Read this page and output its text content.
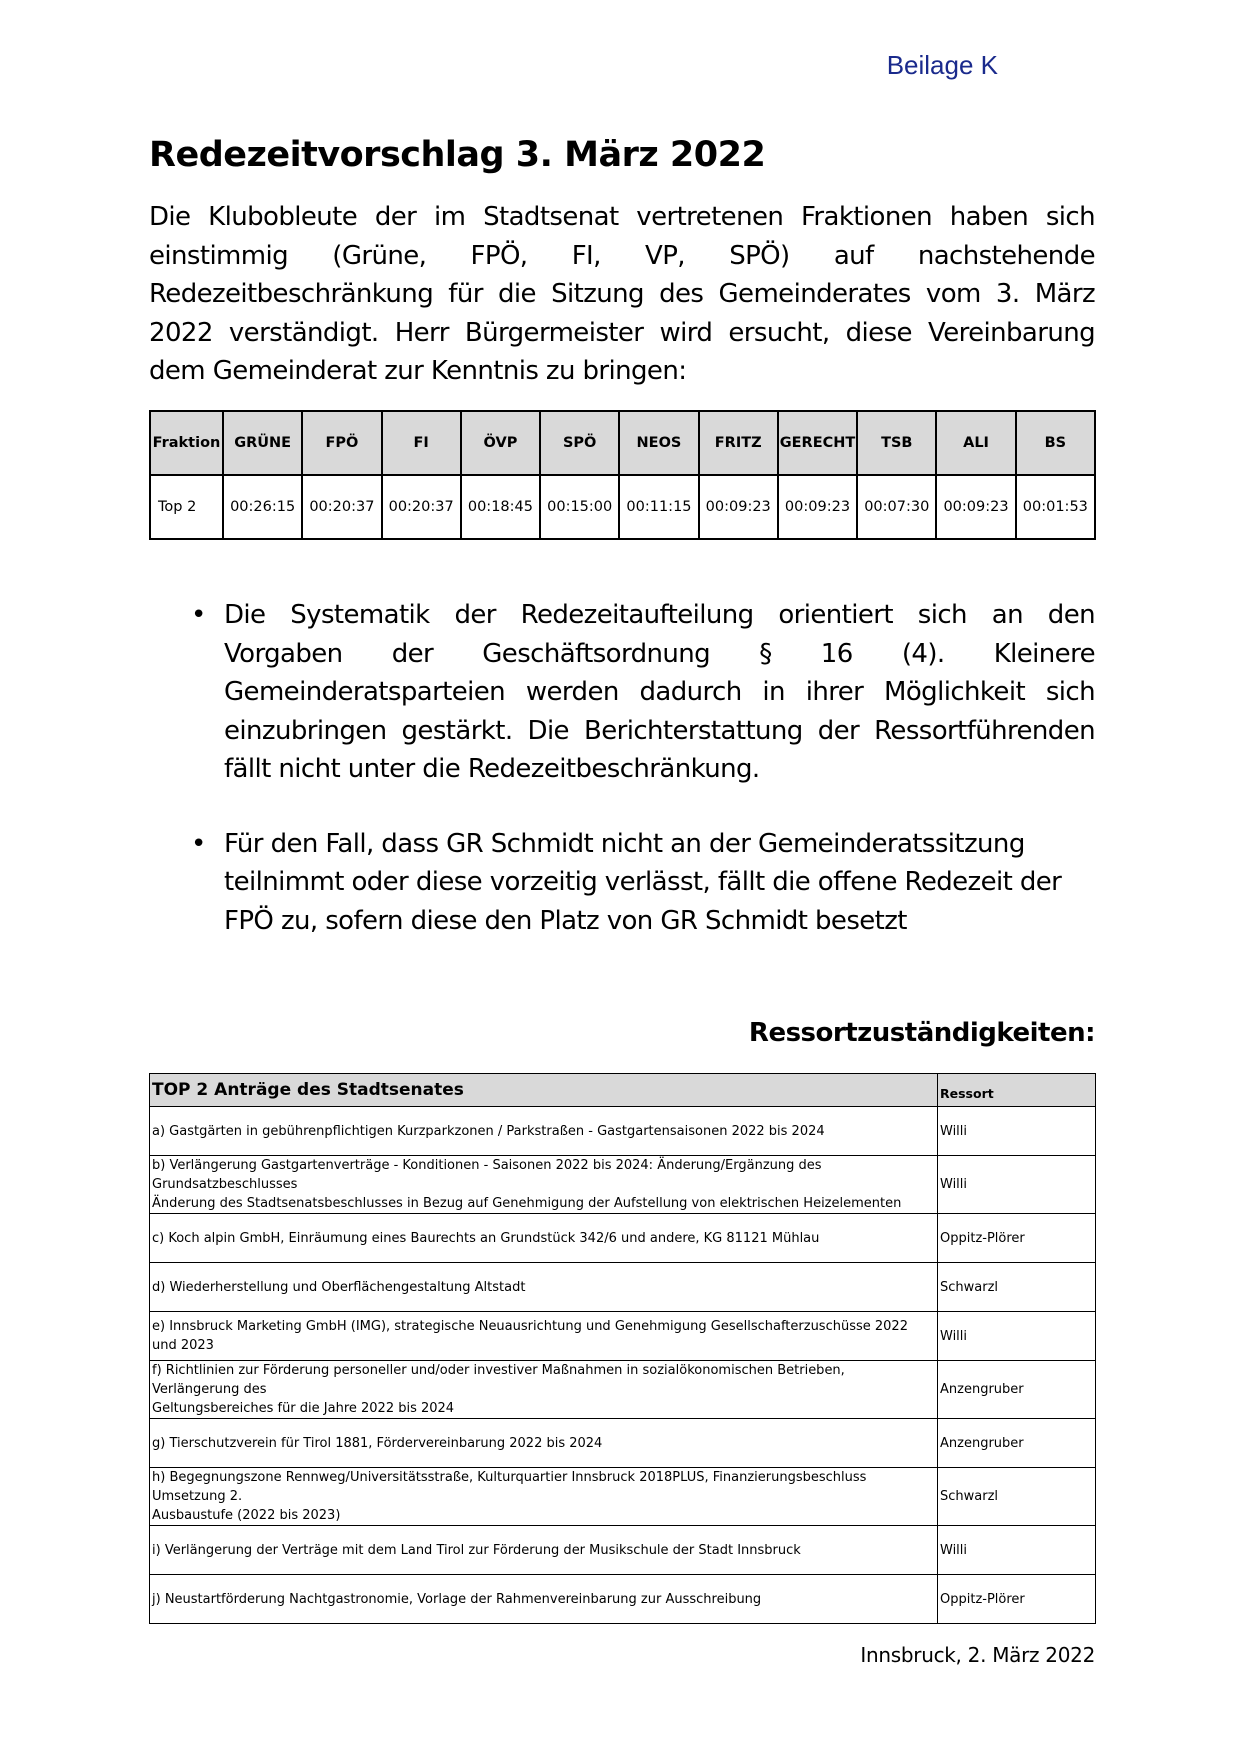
Beilage K
Redezeitvorschlag 3. März 2022
Die Klubobleute der im Stadtsenat vertretenen Fraktionen haben sich einstimmig (Grüne, FPÖ, FI, VP, SPÖ) auf nachstehende Redezeitbeschränkung für die Sitzung des Gemeinderates vom 3. März 2022 verständigt. Herr Bürgermeister wird ersucht, diese Vereinbarung dem Gemeinderat zur Kenntnis zu bringen:
Fraktion	GRÜNE	FPÖ	FI	ÖVP	SPÖ	NEOS	FRITZ	GERECHT	TSB	ALI	BS
Top 2	00:26:15	00:20:37	00:20:37	00:18:45	00:15:00	00:11:15	00:09:23	00:09:23	00:07:30	00:09:23	00:01:53
• Die Systematik der Redezeitaufteilung orientiert sich an den Vorgaben der Geschäftsordnung § 16 (4). Kleinere Gemeinderatsparteien werden dadurch in ihrer Möglichkeit sich einzubringen gestärkt. Die Berichterstattung der Ressortführenden fällt nicht unter die Redezeitbeschränkung.
• Für den Fall, dass GR Schmidt nicht an der Gemeinderatssitzung teilnimmt oder diese vorzeitig verlässt, fällt die offene Redezeit der FPÖ zu, sofern diese den Platz von GR Schmidt besetzt
Ressortzuständigkeiten:
TOP 2 Anträge des Stadtsenates	Ressort
a) Gastgärten in gebührenpflichtigen Kurzparkzonen / Parkstraßen - Gastgartensaisonen 2022 bis 2024	Willi
b) Verlängerung Gastgartenverträge - Konditionen - Saisonen 2022 bis 2024: Änderung/Ergänzung des Grundsatzbeschlusses
Änderung des Stadtsenatsbeschlusses in Bezug auf Genehmigung der Aufstellung von elektrischen Heizelementen	Willi
c) Koch alpin GmbH, Einräumung eines Baurechts an Grundstück 342/6 und andere, KG 81121 Mühlau	Oppitz-Plörer
d) Wiederherstellung und Oberflächengestaltung Altstadt	Schwarzl
e) Innsbruck Marketing GmbH (IMG), strategische Neuausrichtung und Genehmigung Gesellschafterzuschüsse 2022 und 2023	Willi
f) Richtlinien zur Förderung personeller und/oder investiver Maßnahmen in sozialökonomischen Betrieben, Verlängerung des
Geltungsbereiches für die Jahre 2022 bis 2024	Anzengruber
g) Tierschutzverein für Tirol 1881, Fördervereinbarung 2022 bis 2024	Anzengruber
h) Begegnungszone Rennweg/Universitätsstraße, Kulturquartier Innsbruck 2018PLUS, Finanzierungsbeschluss Umsetzung 2.
Ausbaustufe (2022 bis 2023)	Schwarzl
i) Verlängerung der Verträge mit dem Land Tirol zur Förderung der Musikschule der Stadt Innsbruck	Willi
j) Neustartförderung Nachtgastronomie, Vorlage der Rahmenvereinbarung zur Ausschreibung	Oppitz-Plörer
Innsbruck, 2. März 2022
